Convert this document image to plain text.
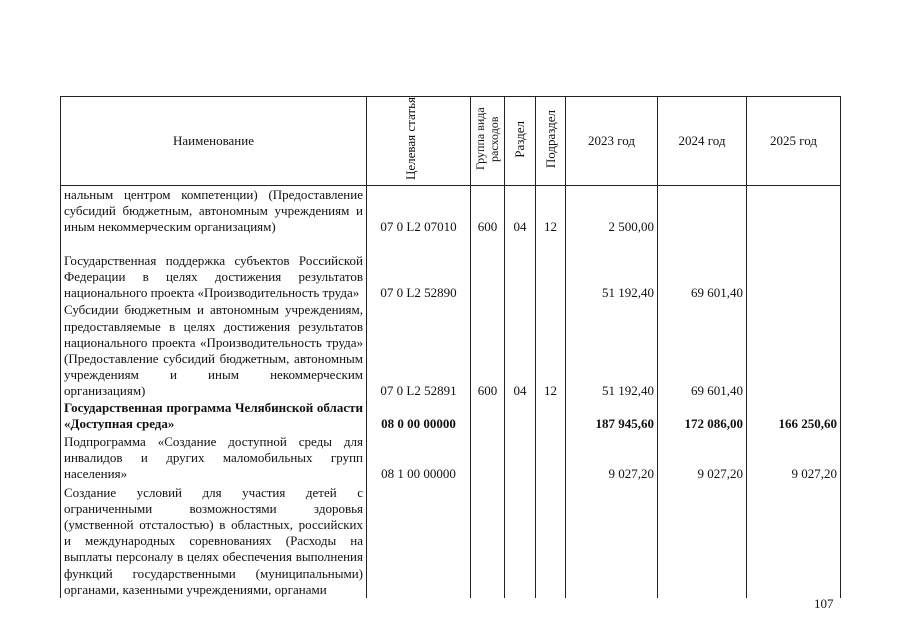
Наименование	Целевая статья	Группа вида расходов	Раздел	Подраздел	2023 год	2024 год	2025 год
нальным центром компетенции) (Предоставление субсидий бюджетным, автономным учреждениям и иным некоммерческим организациям)	07 0 L2 07010	600	04	12	2 500,00		
Государственная поддержка субъектов Российской Федерации в целях достижения результатов национального проекта «Производительность труда»	07 0 L2 52890				51 192,40	69 601,40	
Субсидии бюджетным и автономным учреждениям, предоставляемые в целях достижения результатов национального проекта «Производительность труда» (Предоставление субсидий бюджетным, автономным учреждениям и иным некоммерческим организациям)	07 0 L2 52891	600	04	12	51 192,40	69 601,40	
Государственная программа Челябинской области «Доступная среда»	08 0 00 00000				187 945,60	172 086,00	166 250,60
Подпрограмма «Создание доступной среды для инвалидов и других маломобильных групп населения»	08 1 00 00000				9 027,20	9 027,20	9 027,20
Создание условий для участия детей с ограниченными возможностями здоровья (умственной отсталостью) в областных, российских и международных соревнованиях (Расходы на выплаты персоналу в целях обеспечения выполнения функций государственными (муниципальными) органами, казенными учреждениями, органами							
107
